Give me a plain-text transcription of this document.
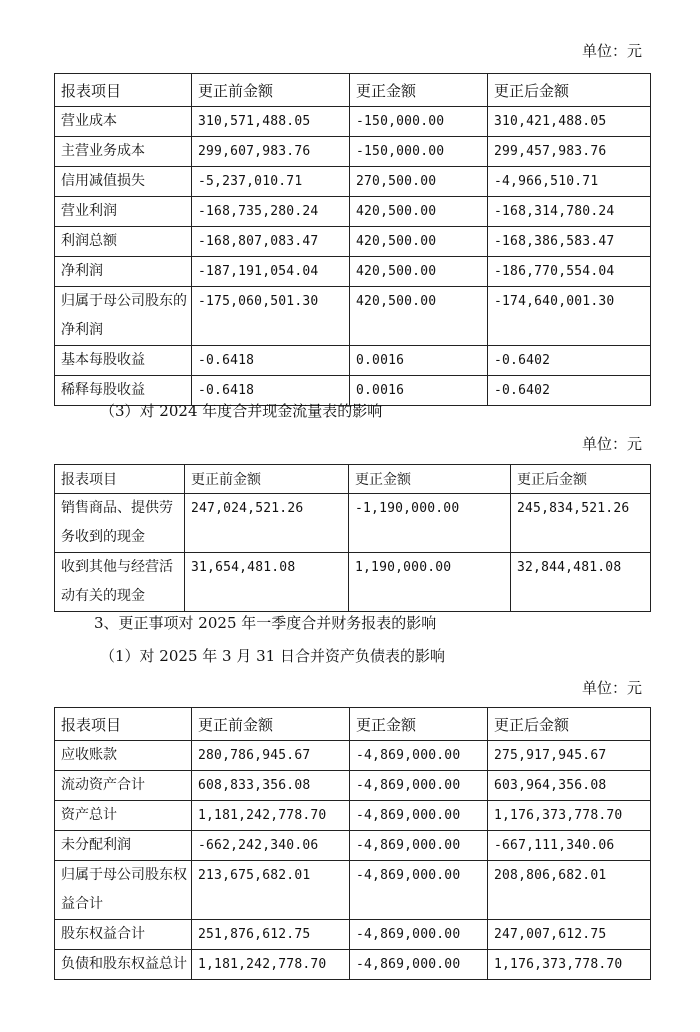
单位：元
报表项目	更正前金额	更正金额	更正后金额
营业成本	310,571,488.05	-150,000.00	310,421,488.05
主营业务成本	299,607,983.76	-150,000.00	299,457,983.76
信用减值损失	-5,237,010.71	270,500.00	-4,966,510.71
营业利润	-168,735,280.24	420,500.00	-168,314,780.24
利润总额	-168,807,083.47	420,500.00	-168,386,583.47
净利润	-187,191,054.04	420,500.00	-186,770,554.04
归属于母公司股东的净利润	-175,060,501.30	420,500.00	-174,640,001.30
基本每股收益	-0.6418	0.0016	-0.6402
稀释每股收益	-0.6418	0.0016	-0.6402
（3）对 2024 年度合并现金流量表的影响
单位：元
报表项目	更正前金额	更正金额	更正后金额
销售商品、提供劳务收到的现金	247,024,521.26	-1,190,000.00	245,834,521.26
收到其他与经营活动有关的现金	31,654,481.08	1,190,000.00	32,844,481.08
3、更正事项对 2025 年一季度合并财务报表的影响
（1）对 2025 年 3 月 31 日合并资产负债表的影响
单位：元
报表项目	更正前金额	更正金额	更正后金额
应收账款	280,786,945.67	-4,869,000.00	275,917,945.67
流动资产合计	608,833,356.08	-4,869,000.00	603,964,356.08
资产总计	1,181,242,778.70	-4,869,000.00	1,176,373,778.70
未分配利润	-662,242,340.06	-4,869,000.00	-667,111,340.06
归属于母公司股东权益合计	213,675,682.01	-4,869,000.00	208,806,682.01
股东权益合计	251,876,612.75	-4,869,000.00	247,007,612.75
负债和股东权益总计	1,181,242,778.70	-4,869,000.00	1,176,373,778.70
